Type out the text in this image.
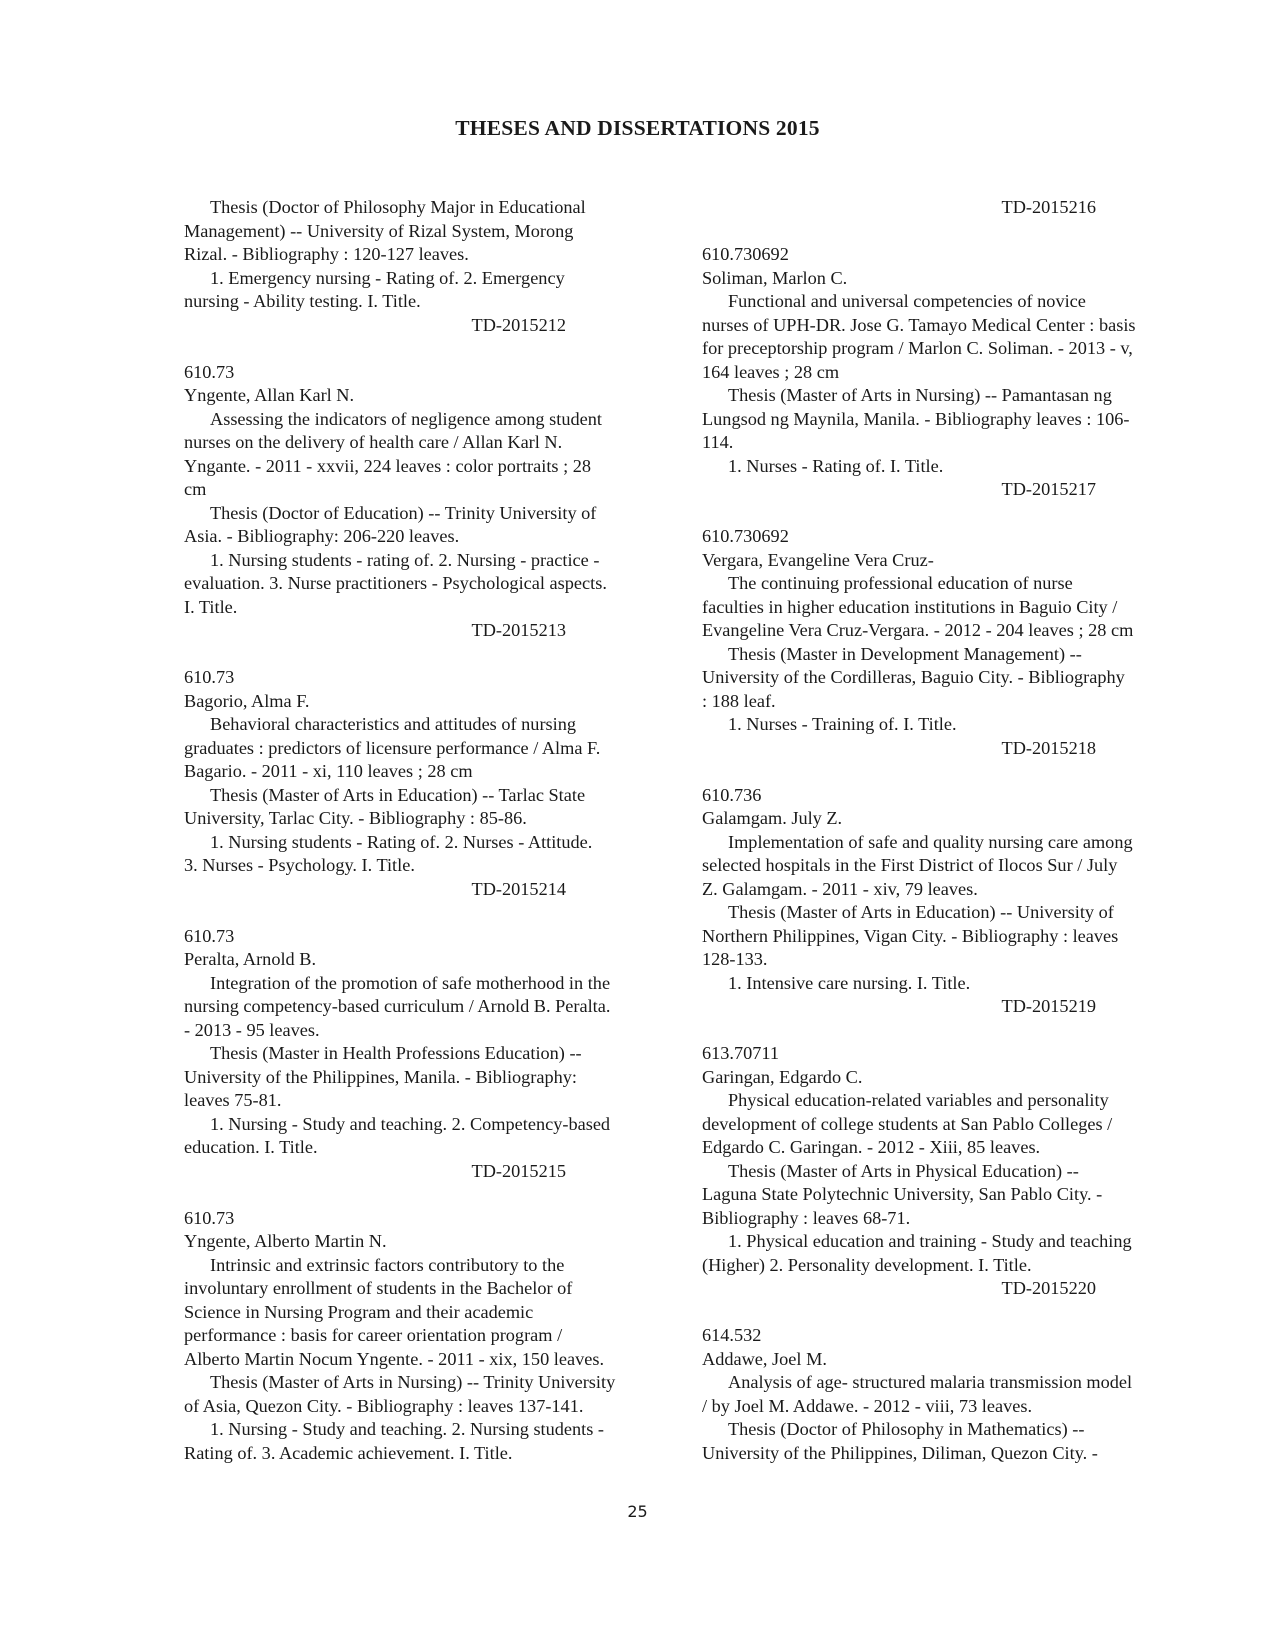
THESES AND DISSERTATIONS 2015
Thesis (Doctor of Philosophy Major in Educational
Management) -- University of Rizal System, Morong
Rizal. - Bibliography : 120-127 leaves.
1. Emergency nursing - Rating of. 2. Emergency
nursing - Ability testing. I. Title.
TD-2015212
610.73
Yngente, Allan Karl N.
Assessing the indicators of negligence among student
nurses on the delivery of health care / Allan Karl N.
Yngante. - 2011 - xxvii, 224 leaves : color portraits ; 28
cm
Thesis (Doctor of Education) -- Trinity University of
Asia. - Bibliography: 206-220 leaves.
1. Nursing students - rating of. 2. Nursing - practice -
evaluation. 3. Nurse practitioners - Psychological aspects.
I. Title.
TD-2015213
610.73
Bagorio, Alma F.
Behavioral characteristics and attitudes of nursing
graduates : predictors of licensure performance / Alma F.
Bagario. - 2011 - xi, 110 leaves ; 28 cm
Thesis (Master of Arts in Education) -- Tarlac State
University, Tarlac City. - Bibliography : 85-86.
1. Nursing students - Rating of. 2. Nurses - Attitude.
3. Nurses - Psychology. I. Title.
TD-2015214
610.73
Peralta, Arnold B.
Integration of the promotion of safe motherhood in the
nursing competency-based curriculum / Arnold B. Peralta.
- 2013 - 95 leaves.
Thesis (Master in Health Professions Education) --
University of the Philippines, Manila. - Bibliography:
leaves 75-81.
1. Nursing - Study and teaching. 2. Competency-based
education. I. Title.
TD-2015215
610.73
Yngente, Alberto Martin N.
Intrinsic and extrinsic factors contributory to the
involuntary enrollment of students in the Bachelor of
Science in Nursing Program and their academic
performance : basis for career orientation program /
Alberto Martin Nocum Yngente. - 2011 - xix, 150 leaves.
Thesis (Master of Arts in Nursing) -- Trinity University
of Asia, Quezon City. - Bibliography : leaves 137-141.
1. Nursing - Study and teaching. 2. Nursing students -
Rating of. 3. Academic achievement. I. Title.
TD-2015216
610.730692
Soliman, Marlon C.
Functional and universal competencies of novice
nurses of UPH-DR. Jose G. Tamayo Medical Center : basis
for preceptorship program / Marlon C. Soliman. - 2013 - v,
164 leaves ; 28 cm
Thesis (Master of Arts in Nursing) -- Pamantasan ng
Lungsod ng Maynila, Manila. - Bibliography leaves : 106-
114.
1. Nurses - Rating of. I. Title.
TD-2015217
610.730692
Vergara, Evangeline Vera Cruz-
The continuing professional education of nurse
faculties in higher education institutions in Baguio City /
Evangeline Vera Cruz-Vergara. - 2012 - 204 leaves ; 28 cm
Thesis (Master in Development Management) --
University of the Cordilleras, Baguio City. - Bibliography
: 188 leaf.
1. Nurses - Training of. I. Title.
TD-2015218
610.736
Galamgam. July Z.
Implementation of safe and quality nursing care among
selected hospitals in the First District of Ilocos Sur / July
Z. Galamgam. - 2011 - xiv, 79 leaves.
Thesis (Master of Arts in Education) -- University of
Northern Philippines, Vigan City. - Bibliography : leaves
128-133.
1. Intensive care nursing. I. Title.
TD-2015219
613.70711
Garingan, Edgardo C.
Physical education-related variables and personality
development of college students at San Pablo Colleges /
Edgardo C. Garingan. - 2012 - Xiii, 85 leaves.
Thesis (Master of Arts in Physical Education) --
Laguna State Polytechnic University, San Pablo City. -
Bibliography : leaves 68-71.
1. Physical education and training - Study and teaching
(Higher) 2. Personality development. I. Title.
TD-2015220
614.532
Addawe, Joel M.
Analysis of age- structured malaria transmission model
/ by Joel M. Addawe. - 2012 - viii, 73 leaves.
Thesis (Doctor of Philosophy in Mathematics) --
University of the Philippines, Diliman, Quezon City. -
25
